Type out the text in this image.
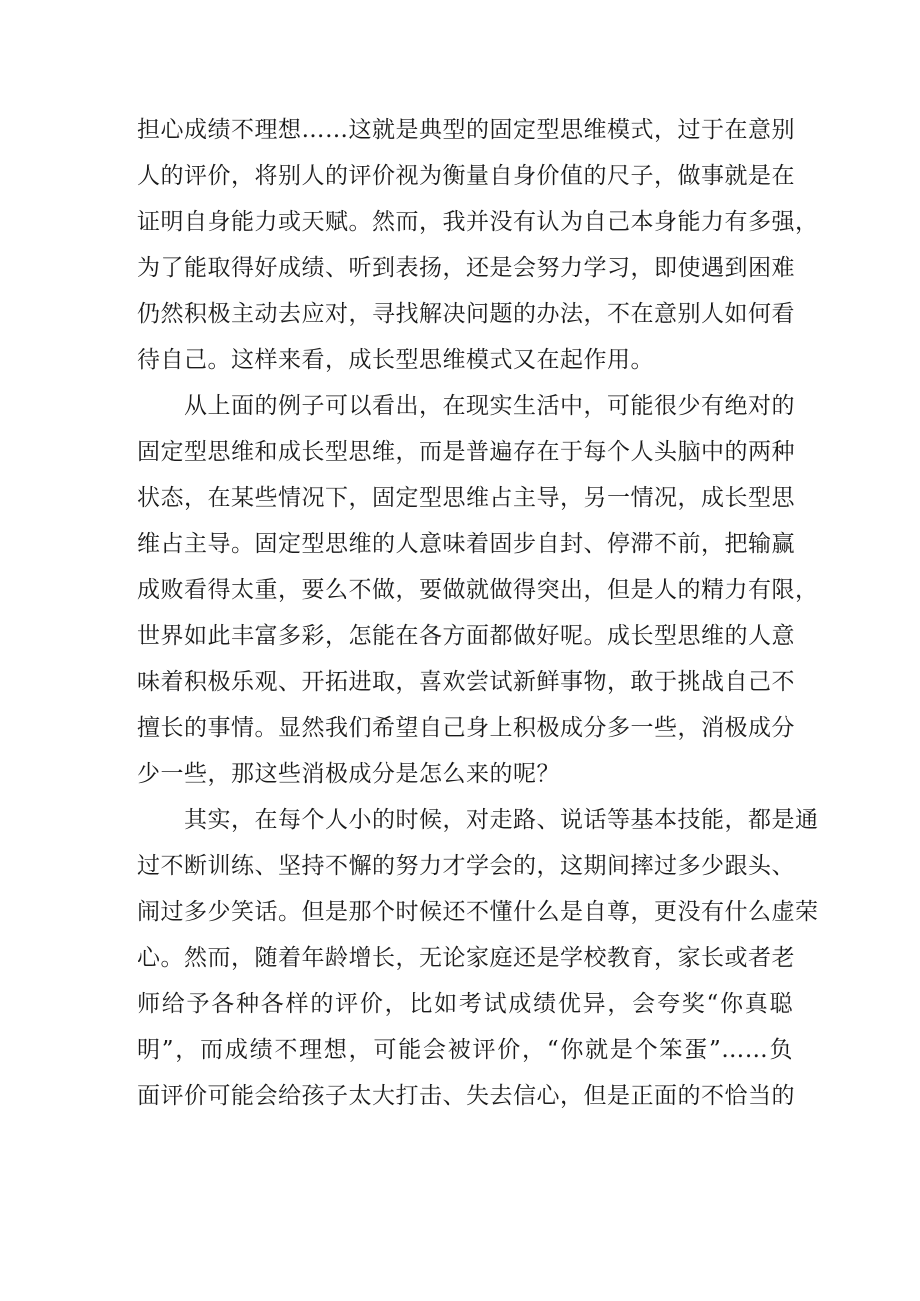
担心成绩不理想……这就是典型的固定型思维模式，过于在意别
人的评价，将别人的评价视为衡量自身价值的尺子，做事就是在
证明自身能力或天赋。然而，我并没有认为自己本身能力有多强，
为了能取得好成绩、听到表扬，还是会努力学习，即使遇到困难
仍然积极主动去应对，寻找解决问题的办法，不在意别人如何看
待自己。这样来看，成长型思维模式又在起作用。
　　从上面的例子可以看出，在现实生活中，可能很少有绝对的
固定型思维和成长型思维，而是普遍存在于每个人头脑中的两种
状态，在某些情况下，固定型思维占主导，另一情况，成长型思
维占主导。固定型思维的人意味着固步自封、停滞不前，把输赢
成败看得太重，要么不做，要做就做得突出，但是人的精力有限，
世界如此丰富多彩，怎能在各方面都做好呢。成长型思维的人意
味着积极乐观、开拓进取，喜欢尝试新鲜事物，敢于挑战自己不
擅长的事情。显然我们希望自己身上积极成分多一些，消极成分
少一些，那这些消极成分是怎么来的呢？
　　其实，在每个人小的时候，对走路、说话等基本技能，都是通
过不断训练、坚持不懈的努力才学会的，这期间摔过多少跟头、
闹过多少笑话。但是那个时候还不懂什么是自尊，更没有什么虚荣
心。然而，随着年龄增长，无论家庭还是学校教育，家长或者老
师给予各种各样的评价，比如考试成绩优异，会夸奖“你真聪
明”，而成绩不理想，可能会被评价，“你就是个笨蛋”……负
面评价可能会给孩子太大打击、失去信心，但是正面的不恰当的
